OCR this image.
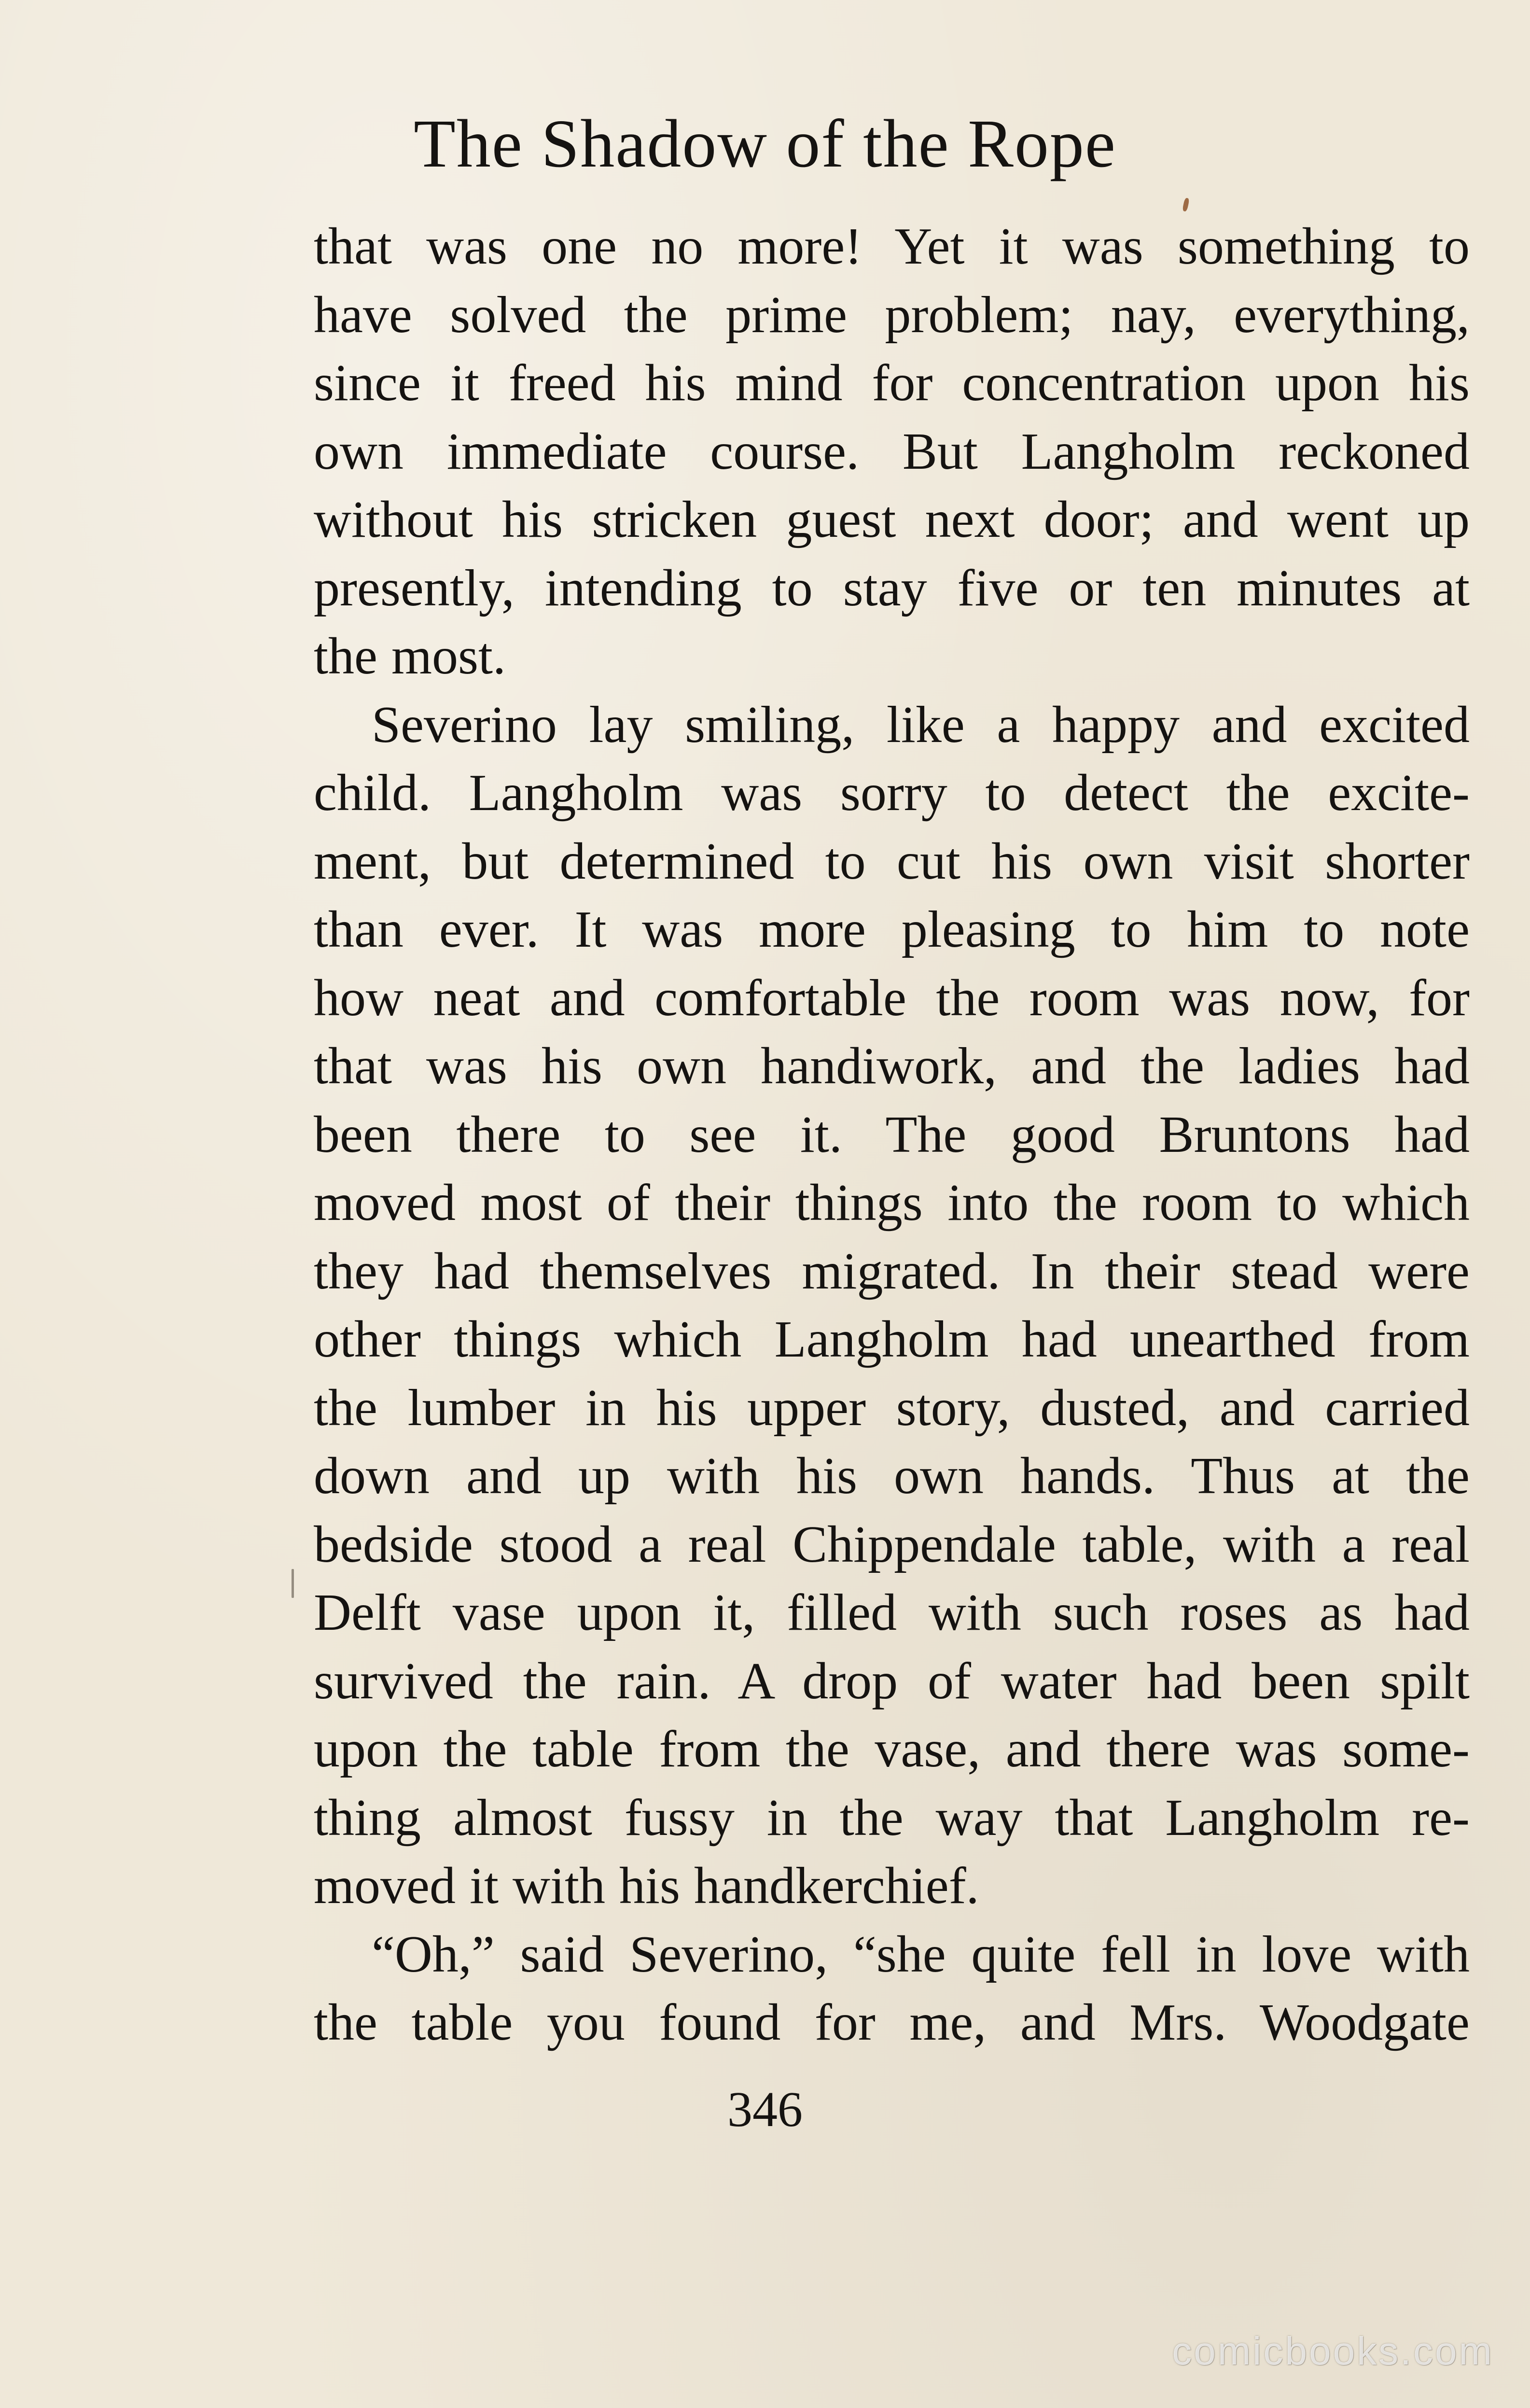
The Shadow of the Rope
that was one no more! Yet it was something to
have solved the prime problem; nay, everything,
since it freed his mind for concentration upon his
own immediate course. But Langholm reckoned
without his stricken guest next door; and went up
presently, intending to stay five or ten minutes at
the most.
Severino lay smiling, like a happy and excited
child. Langholm was sorry to detect the excite-
ment, but determined to cut his own visit shorter
than ever. It was more pleasing to him to note
how neat and comfortable the room was now, for
that was his own handiwork, and the ladies had
been there to see it. The good Bruntons had
moved most of their things into the room to which
they had themselves migrated. In their stead were
other things which Langholm had unearthed from
the lumber in his upper story, dusted, and carried
down and up with his own hands. Thus at the
bedside stood a real Chippendale table, with a real
Delft vase upon it, filled with such roses as had
survived the rain. A drop of water had been spilt
upon the table from the vase, and there was some-
thing almost fussy in the way that Langholm re-
moved it with his handkerchief.
“Oh,” said Severino, “she quite fell in love with
the table you found for me, and Mrs. Woodgate
346
comicbooks.com
